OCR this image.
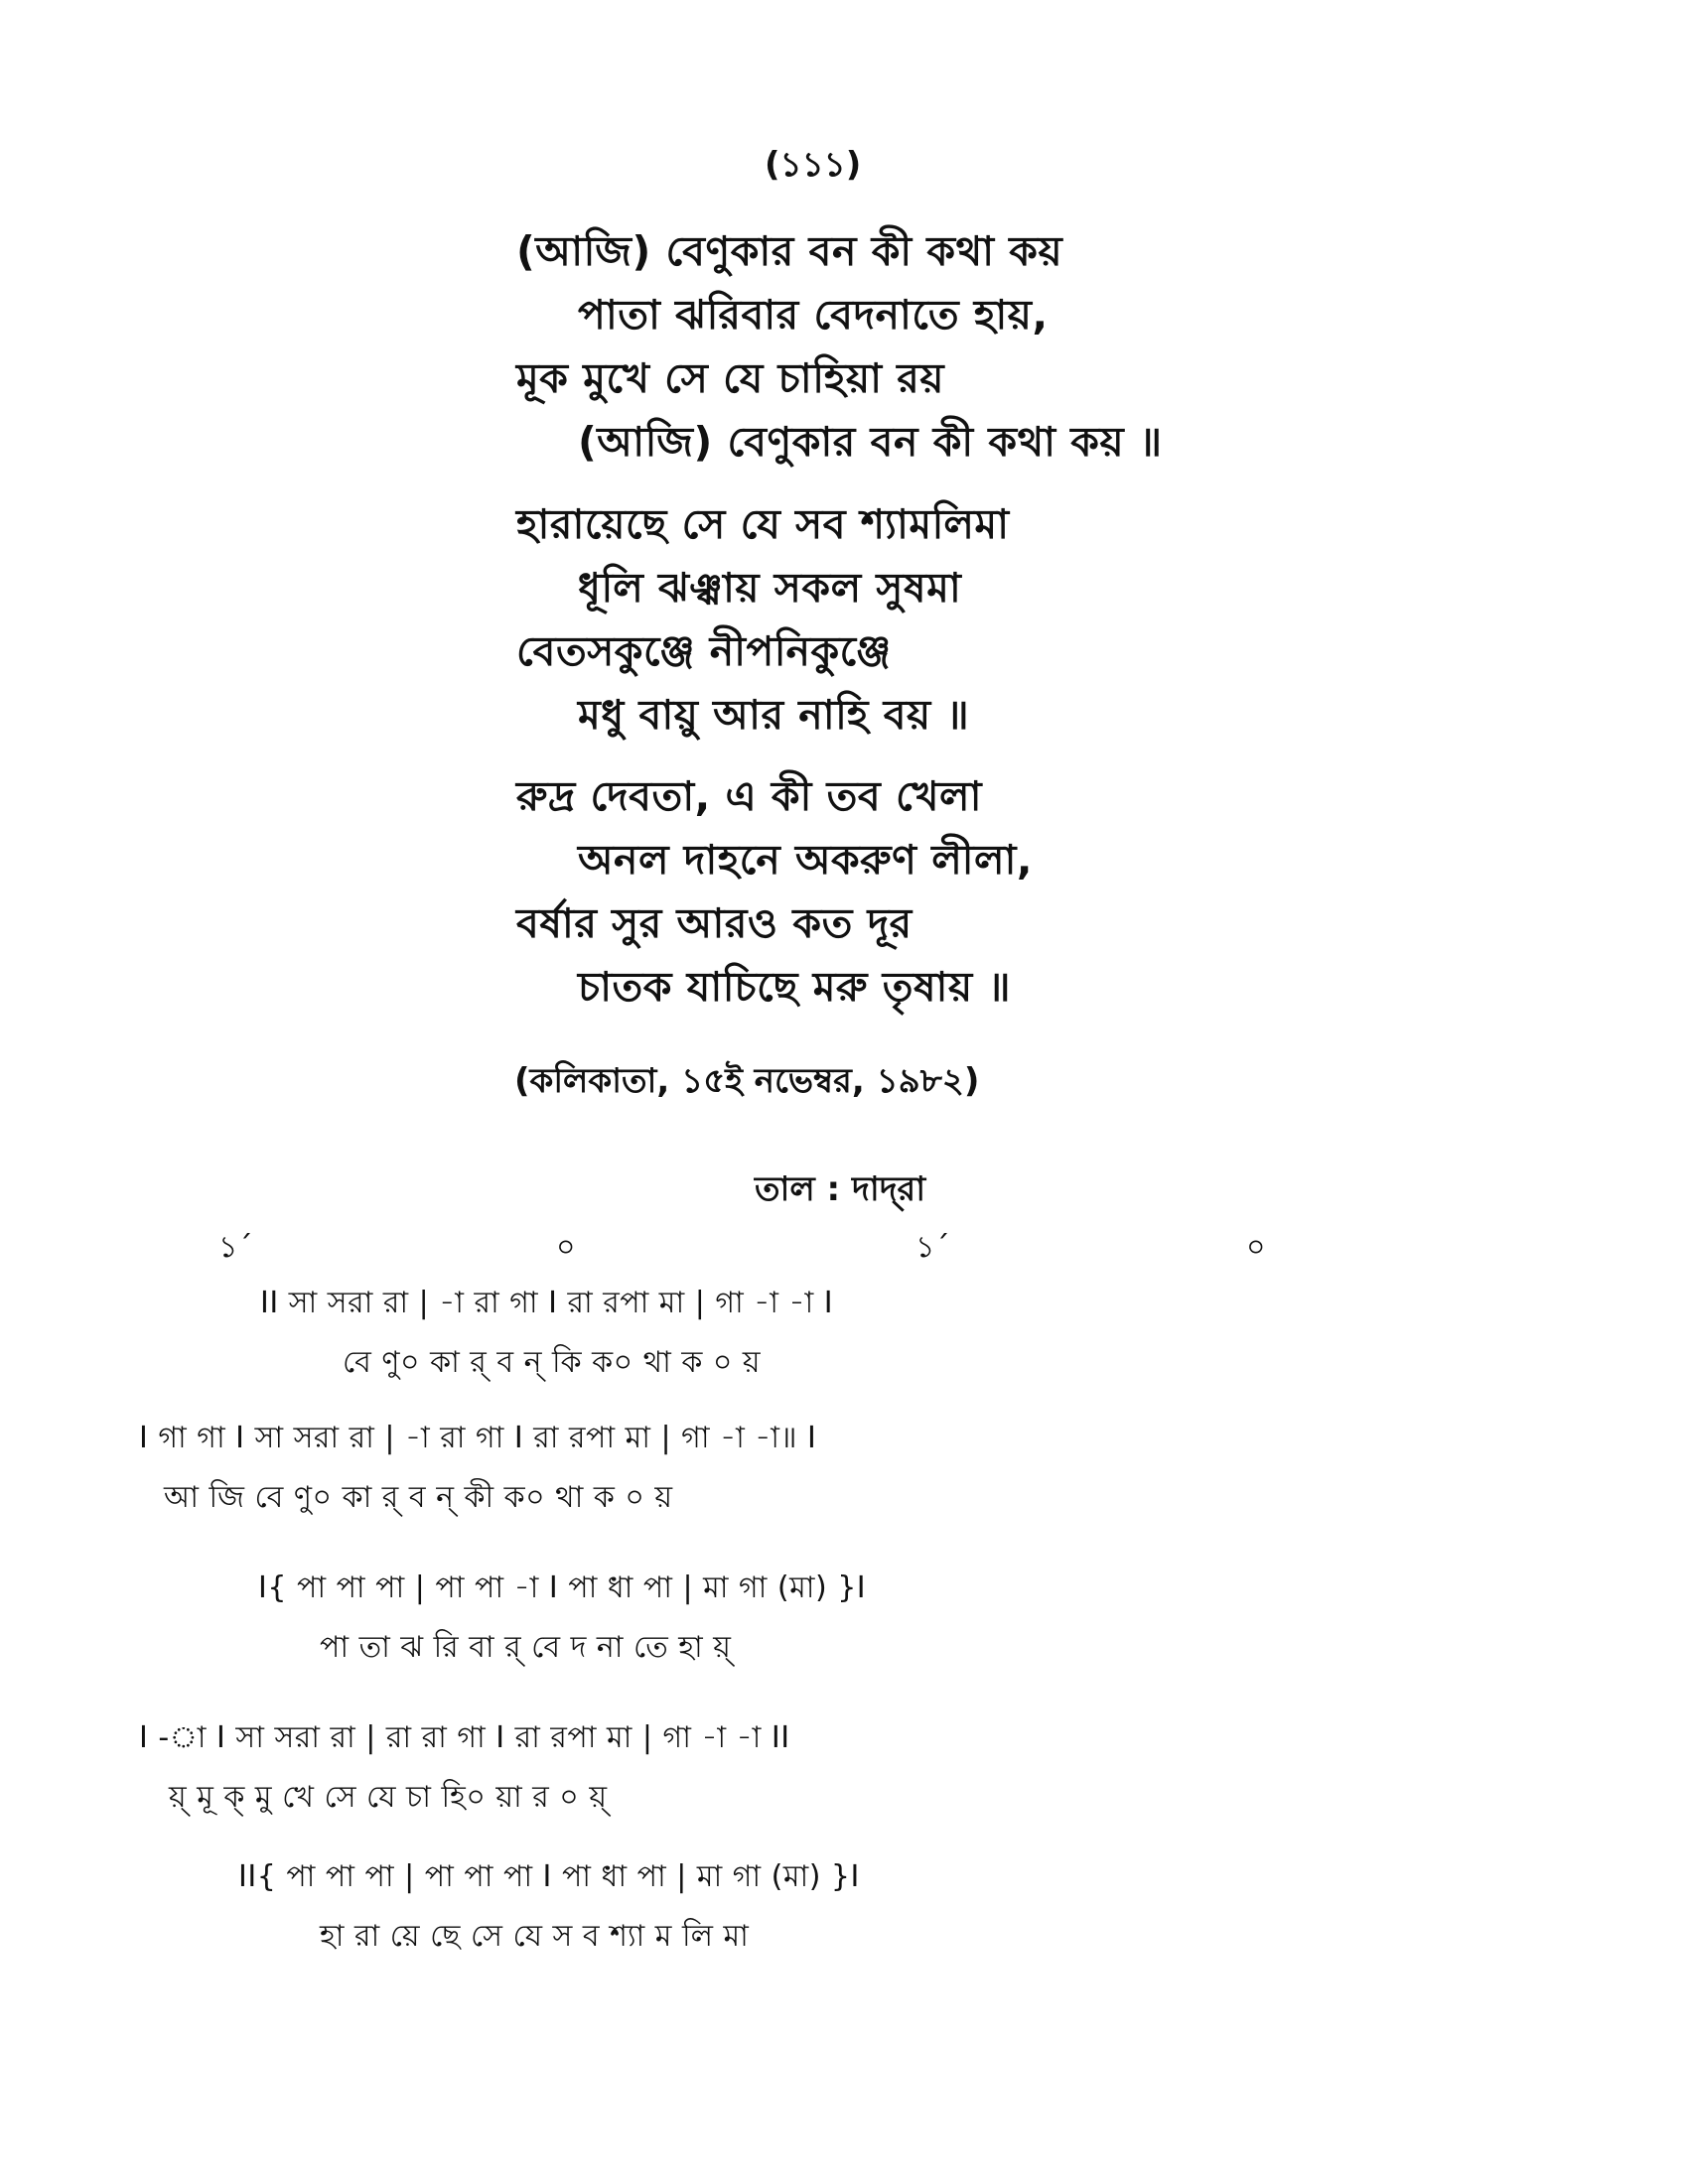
(১১১)
(আজি) বেণুকার বন কী কথা কয়
পাতা ঝরিবার বেদনাতে হায়,
মূক মুখে সে যে চাহিয়া রয়
(আজি) বেণুকার বন কী কথা কয় ॥
হারায়েছে সে যে সব শ্যামলিমা
ধূলি ঝঞ্ঝায় সকল সুষমা
বেতসকুঞ্জে নীপনিকুঞ্জে
মধু বায়ু আর নাহি বয় ॥
রুদ্র দেবতা, এ কী তব খেলা
অনল দাহনে অকরুণ লীলা,
বর্ষার সুর আরও কত দূর
চাতক যাচিছে মরু তৃষায় ॥
(কলিকাতা, ১৫ই নভেম্বর, ১৯৮২)
তাল : দাদ্‌রা
১´	০	১´	০
II সা সরা রা | -া রা গা I রা রপা মা | গা -া -া I
বে ণু০ কা র্ ব ন্ কি ক০ থা ক ০ য়
I গা গা I সা সরা রা | -া রা গা I রা রপা মা | গা -া -া॥ I
আ জি বে ণু০ কা র্ ব ন্ কী ক০ থা ক ০ য়
I{ পা পা পা | পা পা -া I পা ধা পা | মা গা (মা) }I
পা তা ঝ রি বা র্ বে দ না তে হা য়্
I -া I সা সরা রা | রা রা গা I রা রপা মা | গা -া -া II
য়্ মূ ক্‌ মু খে সে যে চা হি০ য়া র ০ য়্
II{ পা পা পা | পা পা পা I পা ধা পা | মা গা (মা) }I
হা রা য়ে ছে সে যে স ব শ্যা ম লি মা
